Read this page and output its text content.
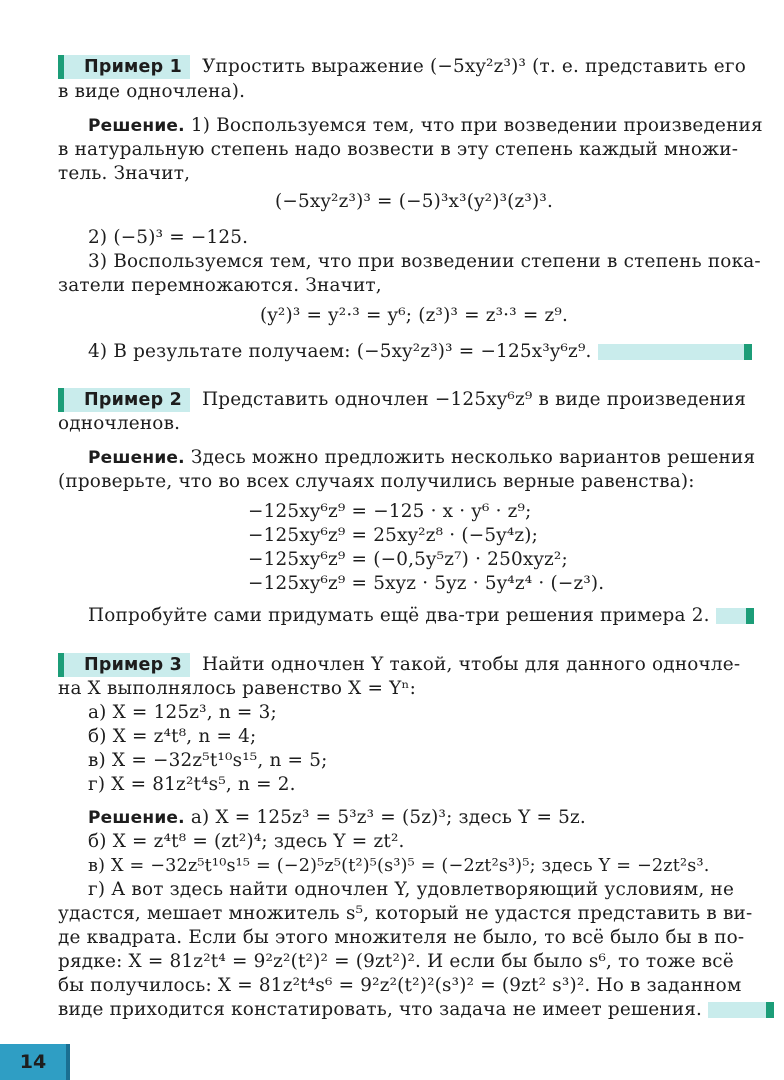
Пример 1 Упростить выражение (−5xy²z³)³ (т. е. представить его
в виде одночлена).
Решение. 1) Воспользуемся тем, что при возведении произведения
в натуральную степень надо возвести в эту степень каждый множи-
тель. Значит,
(−5xy²z³)³ = (−5)³x³(y²)³(z³)³.
2) (−5)³ = −125.
3) Воспользуемся тем, что при возведении степени в степень пока-
затели перемножаются. Значит,
(y²)³ = y²·³ = y⁶; (z³)³ = z³·³ = z⁹.
4) В результате получаем: (−5xy²z³)³ = −125x³y⁶z⁹.
Пример 2 Представить одночлен −125xy⁶z⁹ в виде произведения
одночленов.
Решение. Здесь можно предложить несколько вариантов решения
(проверьте, что во всех случаях получились верные равенства):
−125xy⁶z⁹ = −125 · x · y⁶ · z⁹;
−125xy⁶z⁹ = 25xy²z⁸ · (−5y⁴z);
−125xy⁶z⁹ = (−0,5y⁵z⁷) · 250xyz²;
−125xy⁶z⁹ = 5xyz · 5yz · 5y⁴z⁴ · (−z³).
Попробуйте сами придумать ещё два-три решения примера 2.
Пример 3 Найти одночлен Y такой, чтобы для данного одночле-
на X выполнялось равенство X = Yⁿ:
а) X = 125z³, n = 3;
б) X = z⁴t⁸, n = 4;
в) X = −32z⁵t¹⁰s¹⁵, n = 5;
г) X = 81z²t⁴s⁵, n = 2.
Решение. а) X = 125z³ = 5³z³ = (5z)³; здесь Y = 5z.
б) X = z⁴t⁸ = (zt²)⁴; здесь Y = zt².
в) X = −32z⁵t¹⁰s¹⁵ = (−2)⁵z⁵(t²)⁵(s³)⁵ = (−2zt²s³)⁵; здесь Y = −2zt²s³.
г) А вот здесь найти одночлен Y, удовлетворяющий условиям, не
удастся, мешает множитель s⁵, который не удастся представить в ви-
де квадрата. Если бы этого множителя не было, то всё было бы в по-
рядке: X = 81z²t⁴ = 9²z²(t²)² = (9zt²)². И если бы было s⁶, то тоже всё
бы получилось: X = 81z²t⁴s⁶ = 9²z²(t²)²(s³)² = (9zt² s³)². Но в заданном
виде приходится констатировать, что задача не имеет решения.
14
